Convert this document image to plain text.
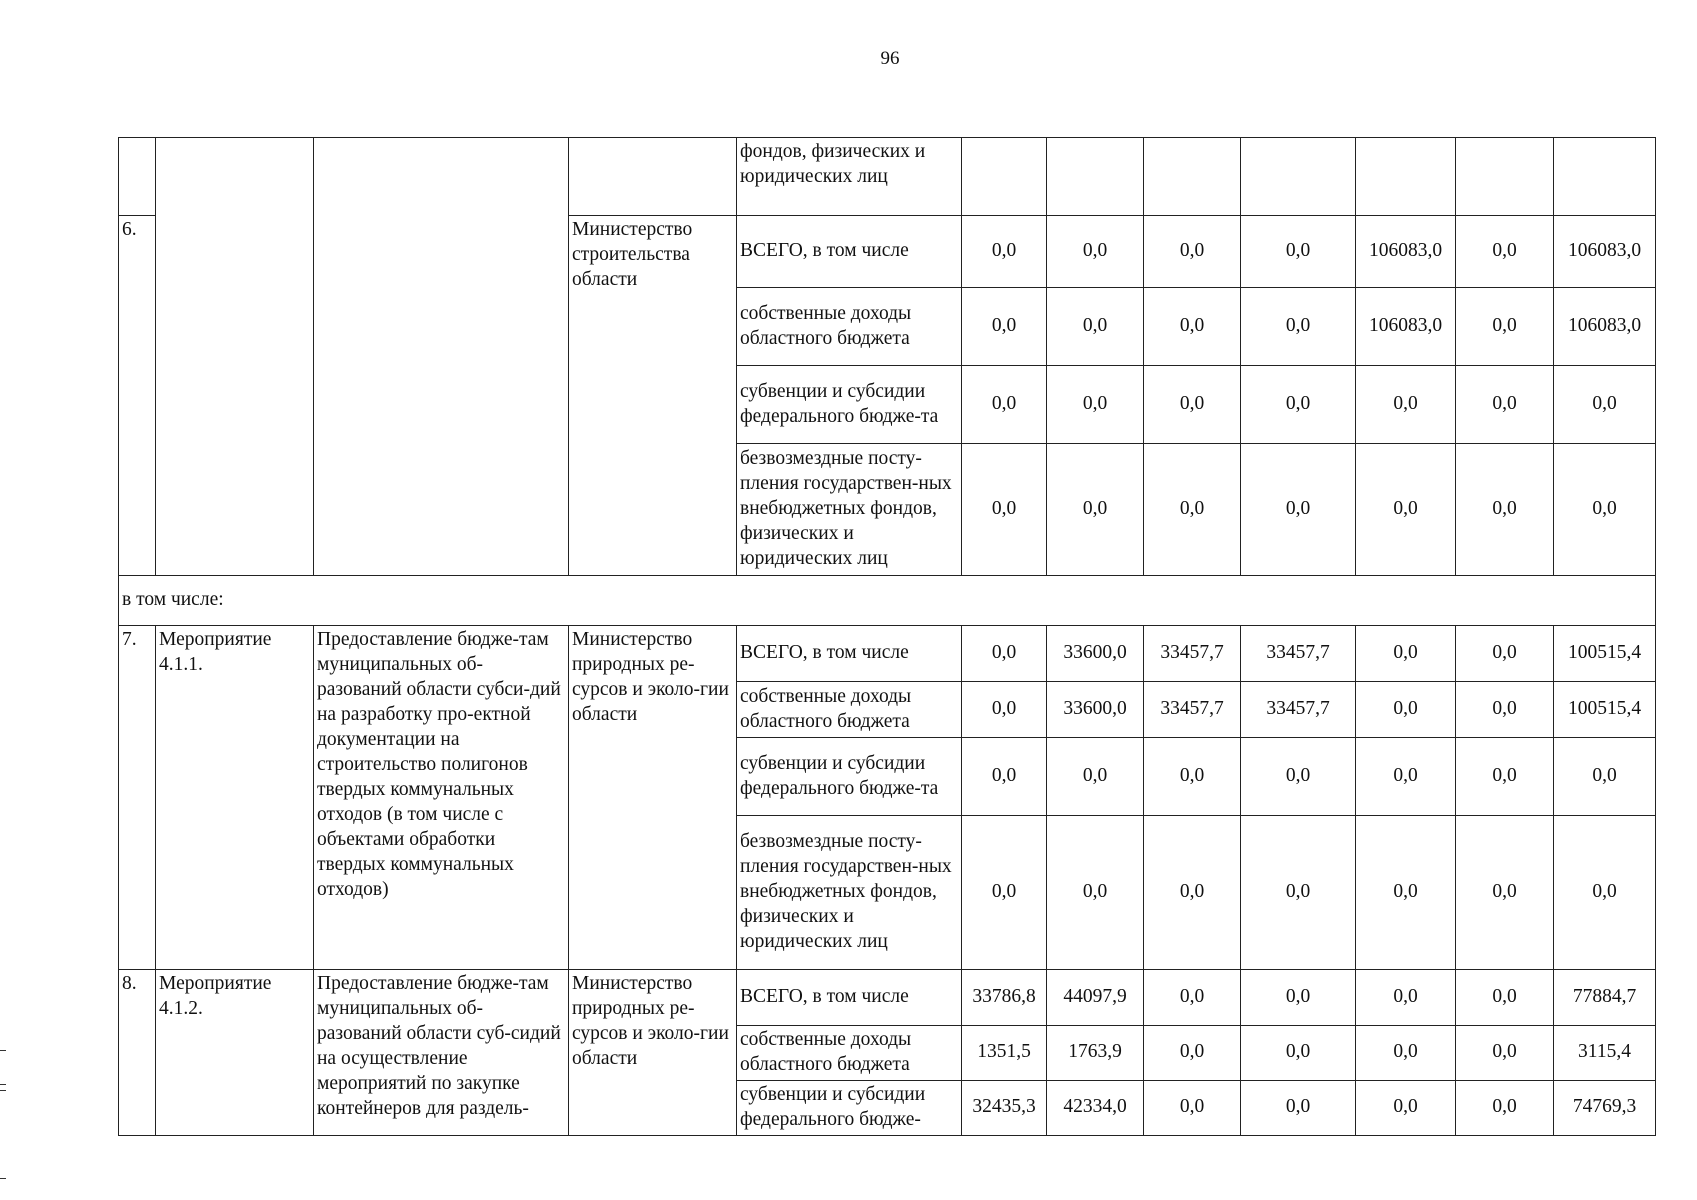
96
				фондов, физических и юридических лиц							
6.			Министерство строительства области	ВСЕГО, в том числе	0,0	0,0	0,0	0,0	106083,0	0,0	106083,0
				собственные доходы областного бюджета	0,0	0,0	0,0	0,0	106083,0	0,0	106083,0
				субвенции и субсидии федерального бюдже-та	0,0	0,0	0,0	0,0	0,0	0,0	0,0
				безвозмездные посту-пления государствен-ных внебюджетных фондов, физических и юридических лиц	0,0	0,0	0,0	0,0	0,0	0,0	0,0
в том числе:											
7.	Мероприятие 4.1.1.	Предоставление бюдже-там муниципальных об-разований области субси-дий на разработку про-ектной документации на строительство полигонов твердых коммунальных отходов (в том числе с объектами обработки твердых коммунальных отходов)	Министерство природных ре-сурсов и эколо-гии области	ВСЕГО, в том числе	0,0	33600,0	33457,7	33457,7	0,0	0,0	100515,4
				собственные доходы областного бюджета	0,0	33600,0	33457,7	33457,7	0,0	0,0	100515,4
				субвенции и субсидии федерального бюдже-та	0,0	0,0	0,0	0,0	0,0	0,0	0,0
				безвозмездные посту-пления государствен-ных внебюджетных фондов, физических и юридических лиц	0,0	0,0	0,0	0,0	0,0	0,0	0,0
8.	Мероприятие 4.1.2.	Предоставление бюдже-там муниципальных об-разований области суб-сидий на осуществление мероприятий по закупке контейнеров для раздель-	Министерство природных ре-сурсов и эколо-гии области	ВСЕГО, в том числе	33786,8	44097,9	0,0	0,0	0,0	0,0	77884,7
				собственные доходы областного бюджета	1351,5	1763,9	0,0	0,0	0,0	0,0	3115,4
				субвенции и субсидии федерального бюдже-	32435,3	42334,0	0,0	0,0	0,0	0,0	74769,3
